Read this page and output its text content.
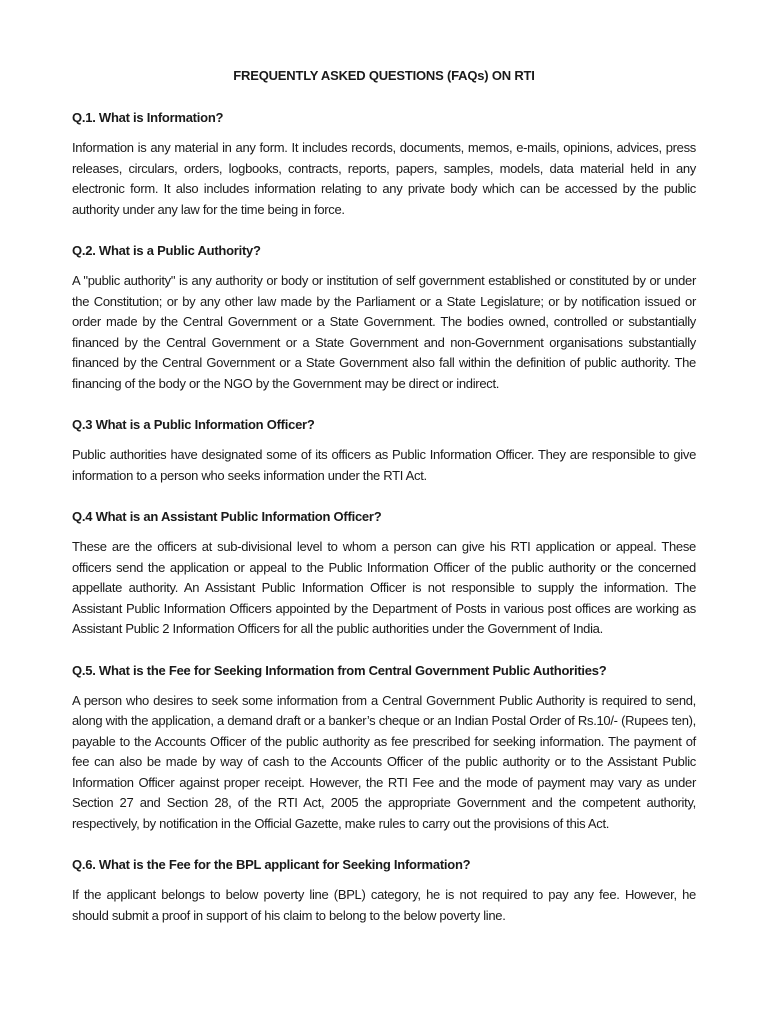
FREQUENTLY ASKED QUESTIONS (FAQs) ON RTI
Q.1. What is Information?

Information is any material in any form. It includes records, documents, memos, e-mails, opinions, advices, press releases, circulars, orders, logbooks, contracts, reports, papers, samples, models, data material held in any electronic form. It also includes information relating to any private body which can be accessed by the public authority under any law for the time being in force.

Q.2. What is a Public Authority?

A "public authority" is any authority or body or institution of self government established or constituted by or under the Constitution; or by any other law made by the Parliament or a State Legislature; or by notification issued or order made by the Central Government or a State Government. The bodies owned, controlled or substantially financed by the Central Government or a State Government and non-Government organisations substantially financed by the Central Government or a State Government also fall within the definition of public authority. The financing of the body or the NGO by the Government may be direct or indirect.

Q.3 What is a Public Information Officer?

Public authorities have designated some of its officers as Public Information Officer. They are responsible to give information to a person who seeks information under the RTI Act.

Q.4 What is an Assistant Public Information Officer?

These are the officers at sub-divisional level to whom a person can give his RTI application or appeal. These officers send the application or appeal to the Public Information Officer of the public authority or the concerned appellate authority. An Assistant Public Information Officer is not responsible to supply the information. The Assistant Public Information Officers appointed by the Department of Posts in various post offices are working as Assistant Public 2 Information Officers for all the public authorities under the Government of India.

Q.5. What is the Fee for Seeking Information from Central Government Public Authorities?

A person who desires to seek some information from a Central Government Public Authority is required to send, along with the application, a demand draft or a banker’s cheque or an Indian Postal Order of Rs.10/- (Rupees ten), payable to the Accounts Officer of the public authority as fee prescribed for seeking information. The payment of fee can also be made by way of cash to the Accounts Officer of the public authority or to the Assistant Public Information Officer against proper receipt. However, the RTI Fee and the mode of payment may vary as under Section 27 and Section 28, of the RTI Act, 2005 the appropriate Government and the competent authority, respectively, by notification in the Official Gazette, make rules to carry out the provisions of this Act.

Q.6. What is the Fee for the BPL applicant for Seeking Information?

If the applicant belongs to below poverty line (BPL) category, he is not required to pay any fee. However, he should submit a proof in support of his claim to belong to the below poverty line.
